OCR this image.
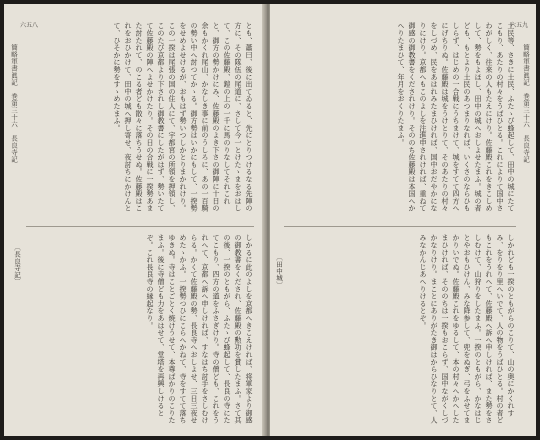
六五八
簡略軍書眞記　巻第三十六　長良寺記	とも、蕭曰、後に出てゐると、先にとりつけるなる先陣の方に、その隊伍の尾道に、さして今一とけたゝまをおはして、この佐藤殿、鎧の上の一千に馬のりなしてそれこれと、御方の勢かけにみ、佐藤殿のよき下さの御陣に十日の余もかくれ尾山、かなしき事に前のうしろに、あの一百騎の勢い中へ討つてかゝる。御方勢はいかにもして、一揆勢をせめよせけるが、おもはず勢いつしかとりまかれけり。この一揆は尾張の国の住人にて、宇都宮の所領を押領し、このたび京都より下されし御教書にしたがはず、勢いたてて佐藤殿の陣へよせかけたり。その日の合戦に一揆勢あまた討たれて、のこる者ども散々に落ちうせぬ。佐藤殿はこれをおひかけて、田中の城へ押し寄せ、夜討ちにかけんとて、ひそかに勢をすゝめたまふ。
しかるに此のよしを京都へきこえければ、将軍家より御感の御教書をくだされ、佐藤殿の勲功を賞したまふ。さて其の後、一揆のともがら、ふたゝび蜂起して、長良の寺にたてこもり、四方の道をふさぎけり。寺の僧ども、これをうれへて、京都へ訴へ申しければ、すなはち討手をさしむけらる。かくて佐藤殿の勢、長良寺へおしよせ、三日三夜せめたゝかふ。一揆勢つひにこらへかねて、寺をすてて落ちゆきぬ。寺はことごとく焼けうせて、本尊ばかりのこりたまふ。後に寺僧ども力をあはせて、堂塔を再興しけるとぞ。これ長良寺の縁起なり。
〔長良寺記〕
六五九
簡略軍書眞記　巻第三十六　長良寺記
土民等、さきに土民、ふたゝび蜂起して、田中の城にたてこもり、あたりの村々をうばひとる。これによりて国中さわがしく、往来の人もたえにけり。佐藤殿これをきこしめして、勢をもよほし、田中の城へおしよせたまふ。城の者ども、もとより土民のあつまりなれば、いくさのならひもしらず、はじめの一合戦にうちまけて、城をすてて四方へにげちりぬ。佐藤殿は城をうけとりて、そのあたりの村々をしづめ、民をあはれみたまひければ、国中おだやかになりにけり。京都へもこのよしを注進申されければ、重ねて御感の御教書をくだされけり。そののち佐藤殿は本国へかへりたまひて、年月をおくりたまふ。
しかれども一揆のともがらのこりて、山の奥にかくれすみ、をりをり里へいでて、人の物をうばひとる。村の者どもこれをうれへて、佐藤殿へ訴へ申しければ、また勢をさしむけて、山狩りをしたまふ。一揆のともがら、かなはじとやおもひけん、みな降参して、兜をぬぎ、弓をふせてまかりいでぬ。佐藤殿これをゆるして、本の村々へかへしたまひければ、そののちは一揆もおこらず、国中ながくしづかなりけり。まことにありがたき御はからひなりとて、人みなかんじあへりけるとぞ。
〔田中城〕
